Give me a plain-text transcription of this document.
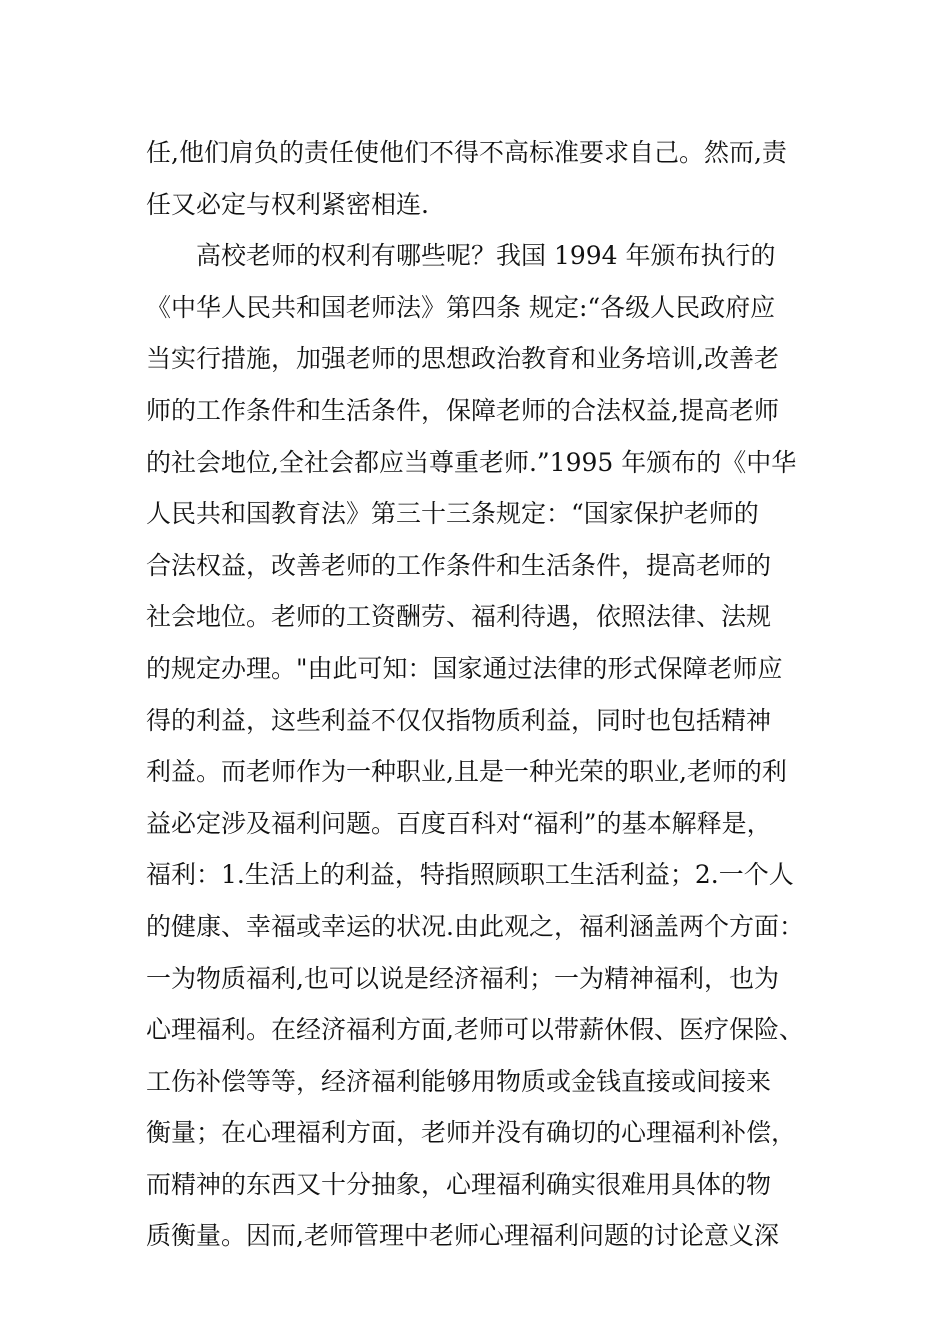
任,他们肩负的责任使他们不得不高标准要求自己。然而,责
任又必定与权利紧密相连.
　　高校老师的权利有哪些呢？我国 1994 年颁布执行的
《中华人民共和国老师法》第四条 规定:“各级人民政府应
当实行措施，加强老师的思想政治教育和业务培训,改善老
师的工作条件和生活条件，保障老师的合法权益,提高老师
的社会地位,全社会都应当尊重老师.”1995 年颁布的《中华
人民共和国教育法》第三十三条规定：“国家保护老师的
合法权益，改善老师的工作条件和生活条件，提高老师的
社会地位。老师的工资酬劳、福利待遇，依照法律、法规
的规定办理。"由此可知：国家通过法律的形式保障老师应
得的利益，这些利益不仅仅指物质利益，同时也包括精神
利益。而老师作为一种职业,且是一种光荣的职业,老师的利
益必定涉及福利问题。百度百科对“福利”的基本解释是，
福利：1.生活上的利益，特指照顾职工生活利益；2.一个人
的健康、幸福或幸运的状况.由此观之，福利涵盖两个方面：
一为物质福利,也可以说是经济福利；一为精神福利，也为
心理福利。在经济福利方面,老师可以带薪休假、医疗保险、
工伤补偿等等，经济福利能够用物质或金钱直接或间接来
衡量；在心理福利方面，老师并没有确切的心理福利补偿，
而精神的东西又十分抽象，心理福利确实很难用具体的物
质衡量。因而,老师管理中老师心理福利问题的讨论意义深
